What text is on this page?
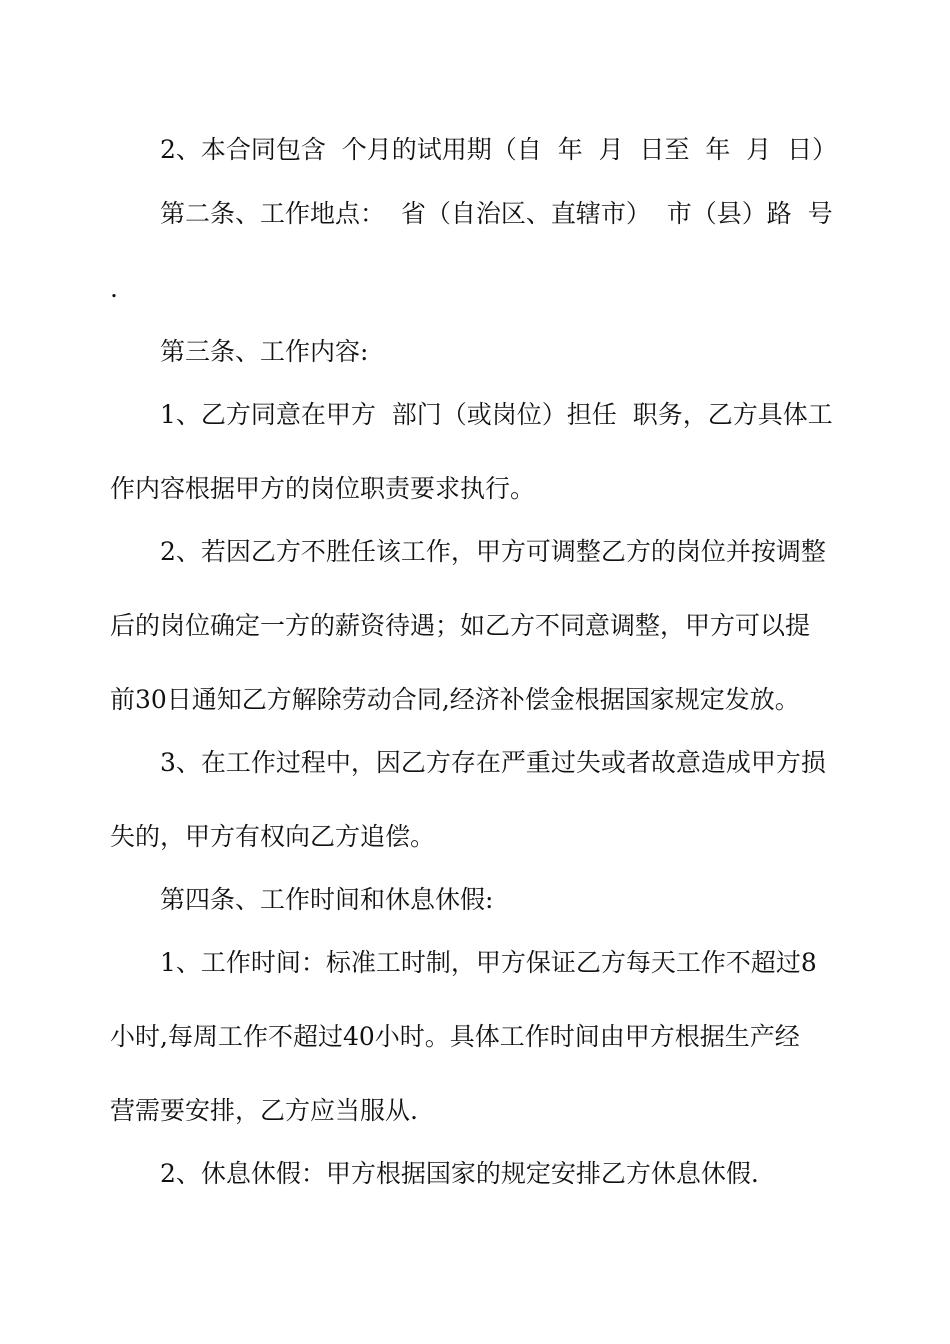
2、本合同包含  个月的试用期（自  年  月  日至  年  月  日）

第二条、工作地点：  省（自治区、直辖市）  市（县）路  号

.

第三条、工作内容:

1、乙方同意在甲方  部门（或岗位）担任  职务，乙方具体工

作内容根据甲方的岗位职责要求执行。

2、若因乙方不胜任该工作，甲方可调整乙方的岗位并按调整

后的岗位确定一方的薪资待遇；如乙方不同意调整，甲方可以提

前30日通知乙方解除劳动合同,经济补偿金根据国家规定发放。

3、在工作过程中，因乙方存在严重过失或者故意造成甲方损

失的，甲方有权向乙方追偿。

第四条、工作时间和休息休假:

1、工作时间：标准工时制，甲方保证乙方每天工作不超过8

小时,每周工作不超过40小时。具体工作时间由甲方根据生产经

营需要安排，乙方应当服从.

2、休息休假：甲方根据国家的规定安排乙方休息休假.
